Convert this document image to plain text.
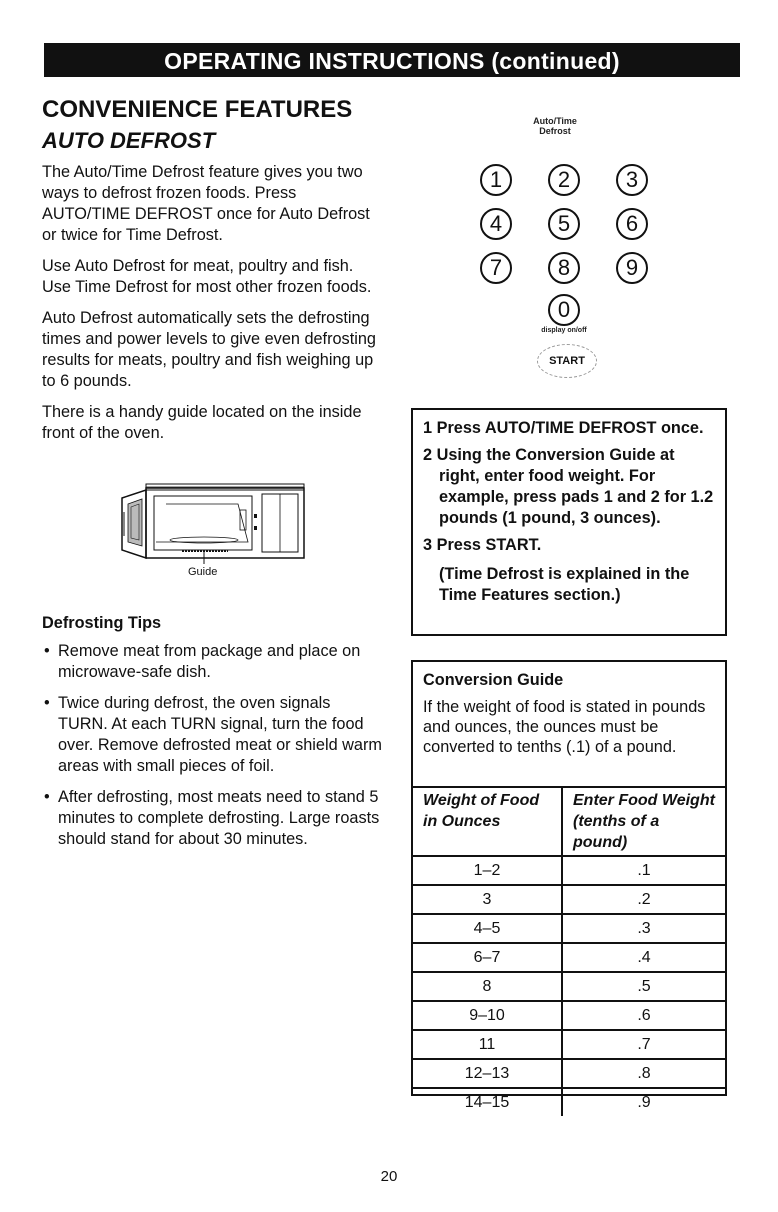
OPERATING INSTRUCTIONS (continued)
CONVENIENCE FEATURES
AUTO DEFROST

The Auto/Time Defrost feature gives you two ways to defrost frozen foods. Press AUTO/TIME DEFROST once for Auto Defrost or twice for Time Defrost.

Use Auto Defrost for meat, poultry and fish. Use Time Defrost for most other frozen foods.

Auto Defrost automatically sets the defrosting times and power levels to give even defrosting results for meats, poultry and fish weighing up to 6 pounds.

There is a handy guide located on the inside front of the oven.

Guide
Defrosting Tips
• Remove meat from package and place on microwave-safe dish.
• Twice during defrost, the oven signals TURN. At each TURN signal, turn the food over. Remove defrosted meat or shield warm areas with small pieces of foil.
• After defrosting, most meats need to stand 5 minutes to complete defrosting. Large roasts should stand for about 30 minutes.
Auto/Time
Defrost
1	2	3
4	5	6
7	8	9
0
display on/off
START
1 Press AUTO/TIME DEFROST once.
2 Using the Conversion Guide at right, enter food weight. For example, press pads 1 and 2 for 1.2 pounds (1 pound, 3 ounces).
3 Press START.
(Time Defrost is explained in the Time Features section.)
Conversion Guide
If the weight of food is stated in pounds and ounces, the ounces must be converted to tenths (.1) of a pound.
Weight of Food in Ounces	Enter Food Weight (tenths of a pound)
1–2	.1
3	.2
4–5	.3
6–7	.4
8	.5
9–10	.6
11	.7
12–13	.8
14–15	.9
20
